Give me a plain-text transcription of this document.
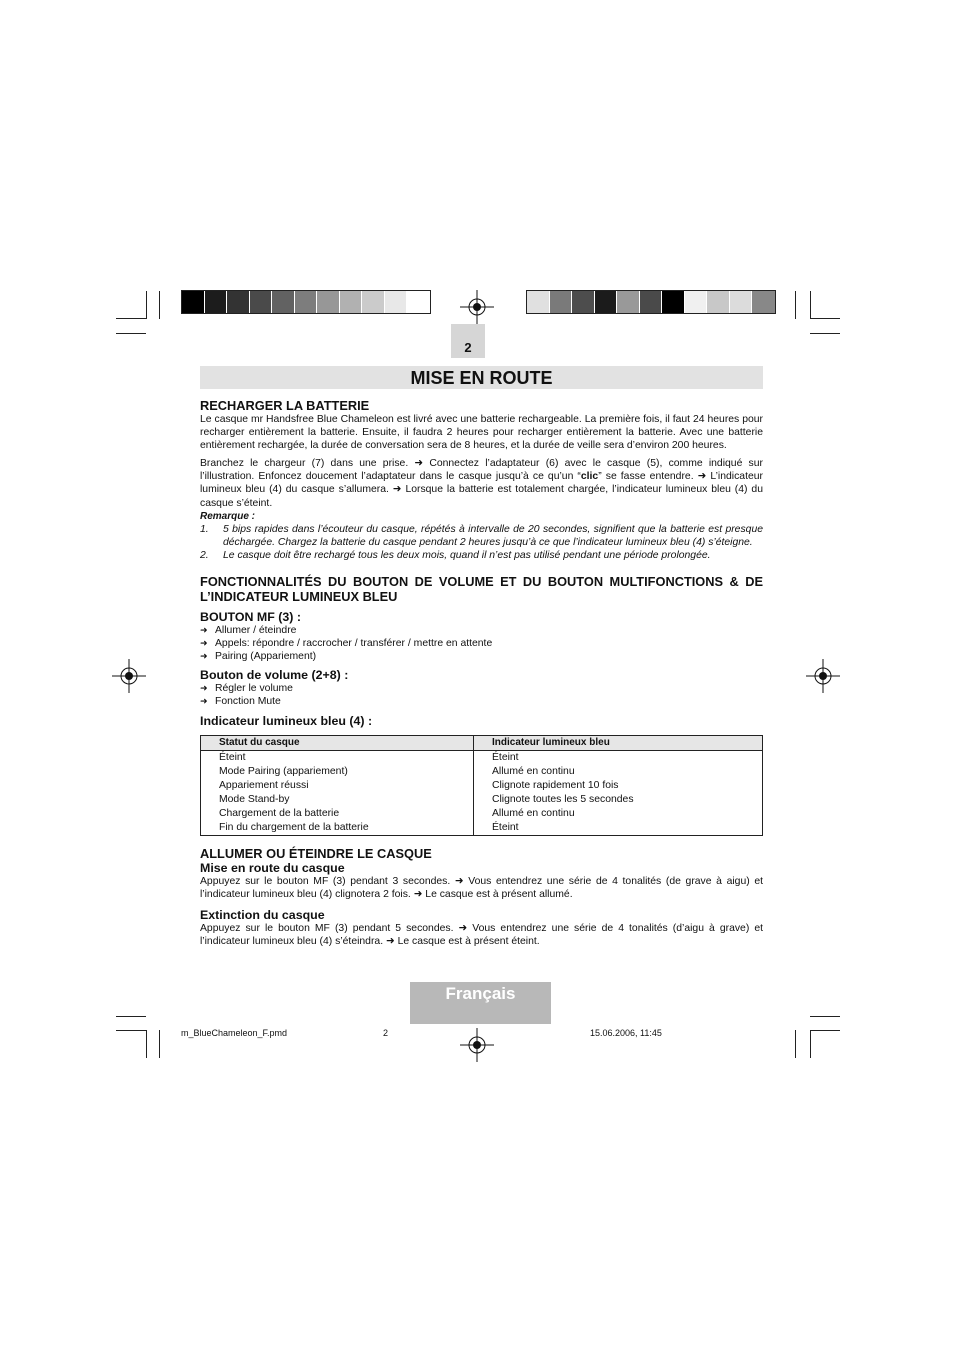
2
MISE EN ROUTE

RECHARGER LA BATTERIE

Le casque mr Handsfree Blue Chameleon est livré avec une batterie rechargeable. La première fois, il faut 24 heures pour recharger entièrement la batterie. Ensuite, il faudra 2 heures pour recharger entièrement la batterie. Avec une batterie entièrement rechargée, la durée de conversation sera de 8 heures, et la durée de veille sera d’environ 200 heures.

Branchez le chargeur (7) dans une prise. ➜ Connectez l’adaptateur (6) avec le casque (5), comme indiqué sur l’illustration. Enfoncez doucement l’adaptateur dans le casque jusqu’à ce qu’un “clic” se fasse entendre. ➜ L’indicateur lumineux bleu (4) du casque s’allumera. ➜ Lorsque la batterie est totalement chargée, l’indicateur lumineux bleu (4) du casque s’éteint.

Remarque :

1.	5 bips rapides dans l’écouteur du casque, répétés à intervalle de 20 secondes, signifient que la batterie est presque déchargée. Chargez la batterie du casque pendant 2 heures jusqu’à ce que l’indicateur lumineux bleu (4) s’éteigne.
2.	Le casque doit être rechargé tous les deux mois, quand il n’est pas utilisé pendant une période prolongée.

FONCTIONNALITÉS DU BOUTON DE VOLUME ET DU BOUTON MULTIFONCTIONS & DE L’INDICATEUR LUMINEUX BLEU

BOUTON MF (3) :

➜ Allumer / éteindre
➜ Appels: répondre / raccrocher / transférer / mettre en attente
➜ Pairing (Appariement)

Bouton de volume (2+8) :

➜ Régler le volume
➜ Fonction Mute

Indicateur lumineux bleu (4) :

Statut du casque	Indicateur lumineux bleu
Éteint	Éteint
Mode Pairing (appariement)	Allumé en continu
Appariement réussi	Clignote rapidement 10 fois
Mode Stand-by	Clignote toutes les 5 secondes
Chargement de la batterie	Allumé en continu
Fin du chargement de la batterie	Éteint

ALLUMER OU ÉTEINDRE LE CASQUE

Mise en route du casque

Appuyez sur le bouton MF (3) pendant 3 secondes. ➜ Vous entendrez une série de 4 tonalités (de grave à aigu) et l’indicateur lumineux bleu (4) clignotera 2 fois. ➜ Le casque est à présent allumé.

Extinction du casque

Appuyez sur le bouton MF (3) pendant 5 secondes. ➜ Vous entendrez une série de 4 tonalités (d’aigu à grave) et l’indicateur lumineux bleu (4) s’éteindra. ➜ Le casque est à présent éteint.

Français
m_BlueChameleon_F.pmd	2	15.06.2006, 11:45
